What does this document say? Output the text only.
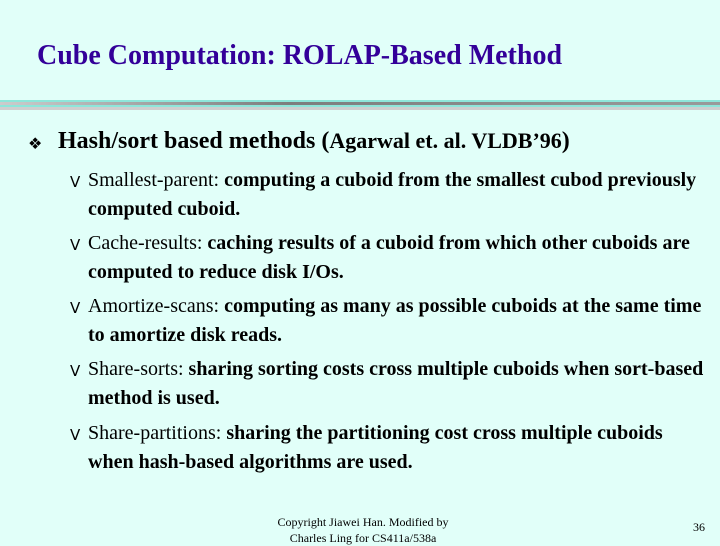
Cube Computation: ROLAP-Based Method
❖ Hash/sort based methods (Agarwal et. al. VLDB’96)
V Smallest-parent: computing a cuboid from the smallest cubod previously computed cuboid.
V Cache-results: caching results of a cuboid from which other cuboids are computed to reduce disk I/Os.
V Amortize-scans: computing as many as possible cuboids at the same time to amortize disk reads.
V Share-sorts: sharing sorting costs cross multiple cuboids when sort-based method is used.
V Share-partitions: sharing the partitioning cost cross multiple cuboids when hash-based algorithms are used.
Copyright Jiawei Han. Modified by Charles Ling for CS411a/538a
36
